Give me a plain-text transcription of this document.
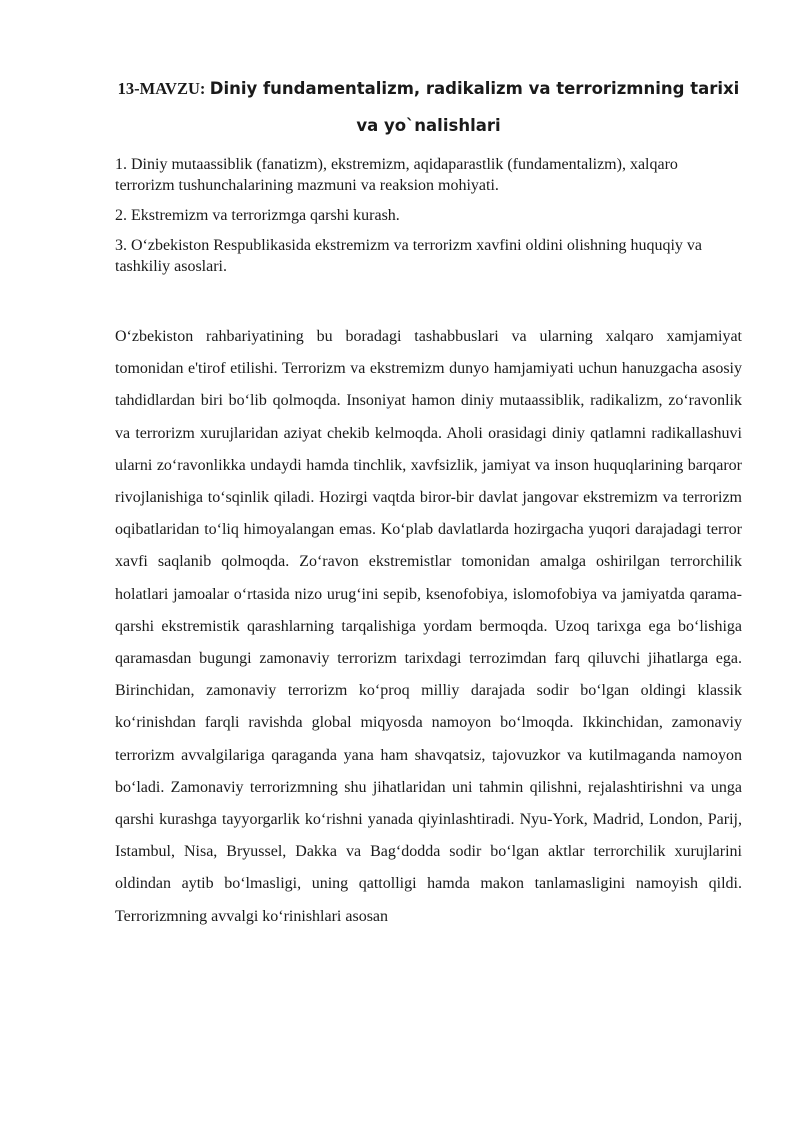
13-MAVZU: Diniy fundamentalizm, radikalizm va terrorizmning tarixi va yo`nalishlari

1. Diniy mutaassiblik (fanatizm), ekstremizm, aqidaparastlik (fundamentalizm), xalqaro terrorizm tushunchalarining mazmuni va reaksion mohiyati.

2. Ekstremizm va terrorizmga qarshi kurash.

3. O‘zbekiston Respublikasida ekstremizm va terrorizm xavfini oldini olishning huquqiy va tashkiliy asoslari.

O‘zbekiston rahbariyatining bu boradagi tashabbuslari va ularning xalqaro xamjamiyat tomonidan e'tirof etilishi. Terrorizm va ekstremizm dunyo hamjamiyati uchun hanuzgacha asosiy tahdidlardan biri bo‘lib qolmoqda. Insoniyat hamon diniy mutaassiblik, radikalizm, zo‘ravonlik va terrorizm xurujlaridan aziyat chekib kelmoqda. Aholi orasidagi diniy qatlamni radikallashuvi ularni zo‘ravonlikka undaydi hamda tinchlik, xavfsizlik, jamiyat va inson huquqlarining barqaror rivojlanishiga to‘sqinlik qiladi. Hozirgi vaqtda biror-bir davlat jangovar ekstremizm va terrorizm oqibatlaridan to‘liq himoyalangan emas. Ko‘plab davlatlarda hozirgacha yuqori darajadagi terror xavfi saqlanib qolmoqda. Zo‘ravon ekstremistlar tomonidan amalga oshirilgan terrorchilik holatlari jamoalar o‘rtasida nizo urug‘ini sepib, ksenofobiya, islomofobiya va jamiyatda qarama-qarshi ekstremistik qarashlarning tarqalishiga yordam bermoqda. Uzoq tarixga ega bo‘lishiga qaramasdan bugungi zamonaviy terrorizm tarixdagi terrozimdan farq qiluvchi jihatlarga ega. Birinchidan, zamonaviy terrorizm ko‘proq milliy darajada sodir bo‘lgan oldingi klassik ko‘rinishdan farqli ravishda global miqyosda namoyon bo‘lmoqda. Ikkinchidan, zamonaviy terrorizm avvalgilariga qaraganda yana ham shavqatsiz, tajovuzkor va kutilmaganda namoyon bo‘ladi. Zamonaviy terrorizmning shu jihatlaridan uni tahmin qilishni, rejalashtirishni va unga qarshi kurashga tayyorgarlik ko‘rishni yanada qiyinlashtiradi. Nyu-York, Madrid, London, Parij, Istambul, Nisa, Bryussel, Dakka va Bag‘dodda sodir bo‘lgan aktlar terrorchilik xurujlarini oldindan aytib bo‘lmasligi, uning qattolligi hamda makon tanlamasligini namoyish qildi. Terrorizmning avvalgi ko‘rinishlari asosan
